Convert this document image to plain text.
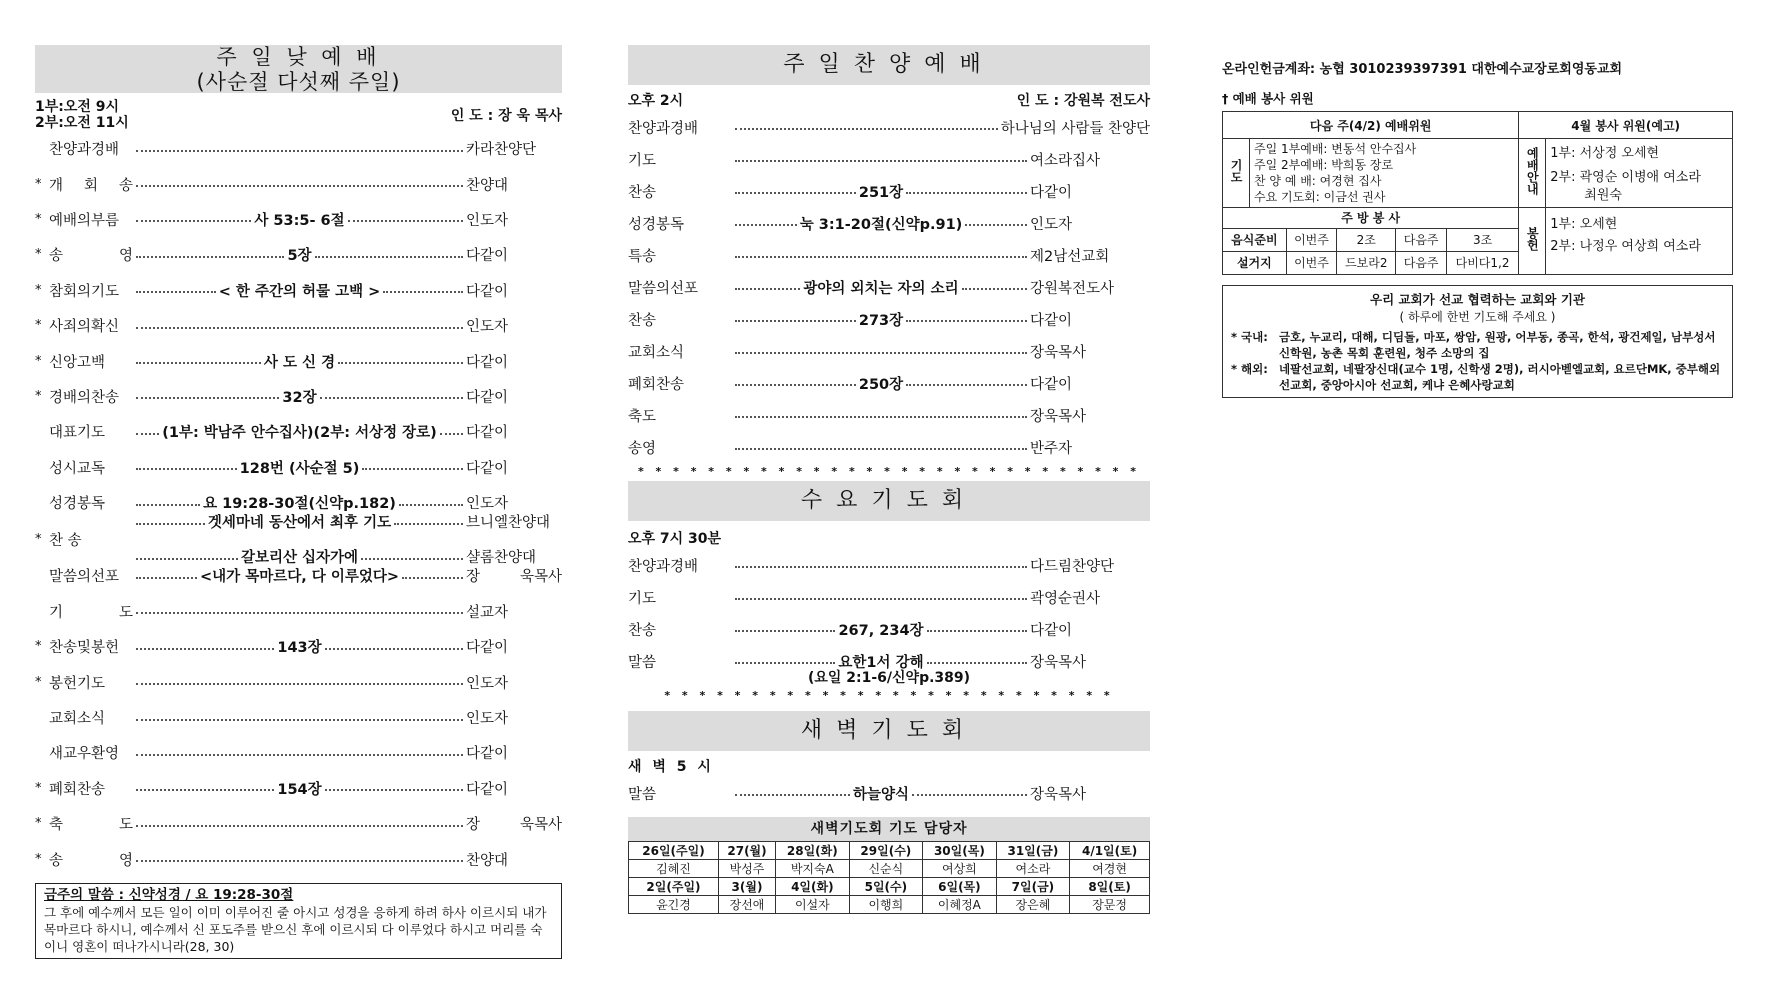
주 일 낮 예 배
(사순절 다섯째 주일)
1부:오전 9시
2부:오전 11시	인 도 : 장 욱 목사
찬양과경배	카라찬양단
* 개 회 송	찬양대
* 예배의부름	사 53:5- 6절	인도자
* 송 영	5장	다같이
* 참회의기도	< 한 주간의 허물 고백 >	다같이
* 사죄의확신	인도자
* 신앙고백	사 도 신 경	다같이
* 경배의찬송	32장	다같이
대표기도	(1부: 박남주 안수집사)(2부: 서상정 장로) 다같이
성시교독	128번 (사순절 5)	다같이
성경봉독	요 19:28-30절(신약p.182)	인도자
* 찬 송
겟세마네 동산에서 최후 기도	브니엘찬양대
갈보리산 십자가에	샬롬찬양대
말씀의선포	<내가 목마르다, 다 이루었다>	장 욱목사
기 도	설교자
* 찬송및봉헌	143장	다같이
* 봉헌기도	인도자
교회소식	인도자
새교우환영	다같이
* 폐회찬송	154장	다같이
* 축 도	장 욱목사
* 송 영	찬양대
금주의 말씀 : 신약성경 / 요 19:28-30절
그 후에 예수께서 모든 일이 이미 이루어진 줄 아시고 성경을 응하게 하려 하사 이르시되 내가 목마르다 하시니, 예수께서 신 포도주를 받으신 후에 이르시되 다 이루었다 하시고 머리를 숙이니 영혼이 떠나가시니라(28, 30)
주일찬양예배
오후 2시	인 도 : 강원복 전도사
찬양과경배	하나님의 사람들 찬양단
기도	여소라집사
찬송	251장	다같이
성경봉독	눅 3:1-20절(신약p.91)	인도자
특송	제2남선교회
말씀의선포	광야의 외치는 자의 소리	강원복전도사
찬송	273장	다같이
교회소식	장욱목사
폐회찬송	250장	다같이
축도	장욱목사
송영	반주자
* * * * * * * * * * * * * * * * * * * * * * * * * * * * *
수요기도회
오후 7시 30분
찬양과경배	다드림찬양단
기도	곽영순권사
찬송	267, 234장	다같이
말씀	요한1서 강해	장욱목사
(요일 2:1-6/신약p.389)
* * * * * * * * * * * * * * * * * * * * * * * * * *
새벽기도회
새 벽 5 시
말씀	하늘양식	장욱목사
새벽기도회 기도 담당자
26일(주일)	27(월)	28일(화)	29일(수)	30일(목)	31일(금)	4/1일(토)
김혜진	박성주	박지숙A	신순식	여상희	여소라	여경현
2일(주일)	3(월)	4일(화)	5일(수)	6일(목)	7일(금)	8일(토)
윤긴경	장선애	이설자	이행희	이혜정A	장은혜	장문정
온라인헌금계좌: 농협 3010239397391 대한예수교장로회영동교회
† 예배 봉사 위원
다음 주(4/2) 예배위원	4월 봉사 위원(예고)
기도	
주일 1부예배: 변동석 안수집사
주일 2부예배: 박희동 장로
찬 양 예 배: 여경현 집사
수요 기도회: 이금선 권사
	예배안내	1부: 서상정 오세현
2부: 곽영순 이병애 여소라
최원숙

주 방 봉 사
음식준비	이번주	2조	다음주	3조
설거지	이번주	드보라2	다음주	다비다1,2
	봉헌	
1부: 오세현
2부: 나정우 여상희 여소라
우리 교회가 선교 협력하는 교회와 기관
( 하루에 한번 기도해 주세요 )
* 국내: 금호, 누교리, 대해, 디딤돌, 마포, 쌍암, 원광, 어부동, 종곡, 한석, 광건제일, 남부성서신학원, 농촌 목회 훈련원, 청주 소망의 집
* 해외: 네팔선교회, 네팔장신대(교수 1명, 신학생 2명), 러시아벧엘교회, 요르단MK, 중부해외선교회, 중앙아시아 선교회, 케냐 은혜사랑교회
